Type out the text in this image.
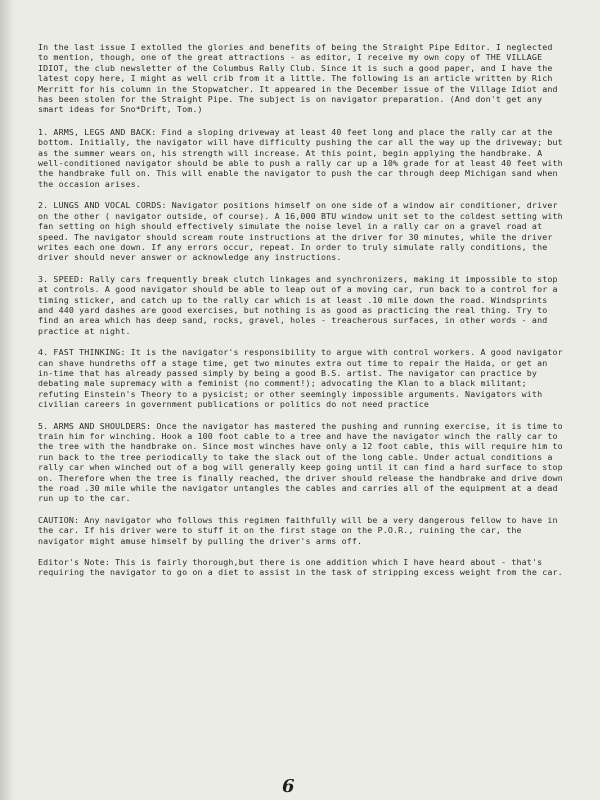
In the last issue I extolled the glories and benefits of being the Straight Pipe Editor. I neglected to mention, though, one of the great attractions - as editor, I receive my own copy of THE VILLAGE IDIOT, the club newsletter of the Columbus Rally Club. Since it is such a good paper, and I have the latest copy here, I might as well crib from it a little. The following is an article written by Rich Merritt for his column in the Stopwatcher. It appeared in the December issue of the Village Idiot and has been stolen for the Straight Pipe. The subject is on navigator preparation. (And don't get any smart ideas for Sno*Drift, Tom.)

1. ARMS, LEGS AND BACK: Find a sloping driveway at least 40 feet long and place the rally car at the bottom. Initially, the navigator will have difficulty pushing the car all the way up the driveway; but as the summer wears on, his strength will increase. At this point, begin applying the handbrake. A well-conditioned navigator should be able to push a rally car up a 10% grade for at least 40 feet with the handbrake full on. This will enable the navigator to push the car through deep Michigan sand when the occasion arises.

2. LUNGS AND VOCAL CORDS: Navigator positions himself on one side of a window air conditioner, driver on the other ( navigator outside, of course). A 16,000 BTU window unit set to the coldest setting with fan setting on high should effectively simulate the noise level in a rally car on a gravel road at speed. The navigator should scream route instructions at the driver for 30 minutes, while the driver writes each one down. If any errors occur, repeat. In order to truly simulate rally conditions, the driver should never answer or acknowledge any instructions.

3. SPEED: Rally cars frequently break clutch linkages and synchronizers, making it impossible to stop at controls. A good navigator should be able to leap out of a moving car, run back to a control for a timing sticker, and catch up to the rally car which is at least .10 mile down the road. Windsprints and 440 yard dashes are good exercises, but nothing is as good as practicing the real thing. Try to find an area which has deep sand, rocks, gravel, holes - treacherous surfaces, in other words - and practice at night.

4. FAST THINKING: It is the navigator's responsibility to argue with control workers. A good navigator can shave hundreths off a stage time, get two minutes extra out time to repair the Haida, or get an in-time that has already passed simply by being a good B.S. artist. The navigator can practice by debating male supremacy with a feminist (no comment!); advocating the Klan to a black militant; refuting Einstein's Theory to a pysicist; or other seemingly impossible arguments. Navigators with civilian careers in government publications or politics do not need practice

5. ARMS AND SHOULDERS: Once the navigator has mastered the pushing and running exercise, it is time to train him for winching. Hook a 100 foot cable to a tree and have the navigator winch the rally car to the tree with the handbrake on. Since most winches have only a 12 foot cable, this will require him to run back to the tree periodically to take the slack out of the long cable. Under actual conditions a rally car when winched out of a bog will generally keep going until it can find a hard surface to stop on. Therefore when the tree is finally reached, the driver should release the handbrake and drive down the road .30 mile while the navigator untangles the cables and carries all of the equipment at a dead run up to the car.

CAUTION: Any navigator who follows this regimen faithfully will be a very dangerous fellow to have in the car. If his driver were to stuff it on the first stage on the P.O.R., ruining the car, the navigator might amuse himself by pulling the driver's arms off.

Editor's Note: This is fairly thorough,but there is one addition which I have heard about - that's requiring the navigator to go on a diet to assist in the task of stripping excess weight from the car.

6
